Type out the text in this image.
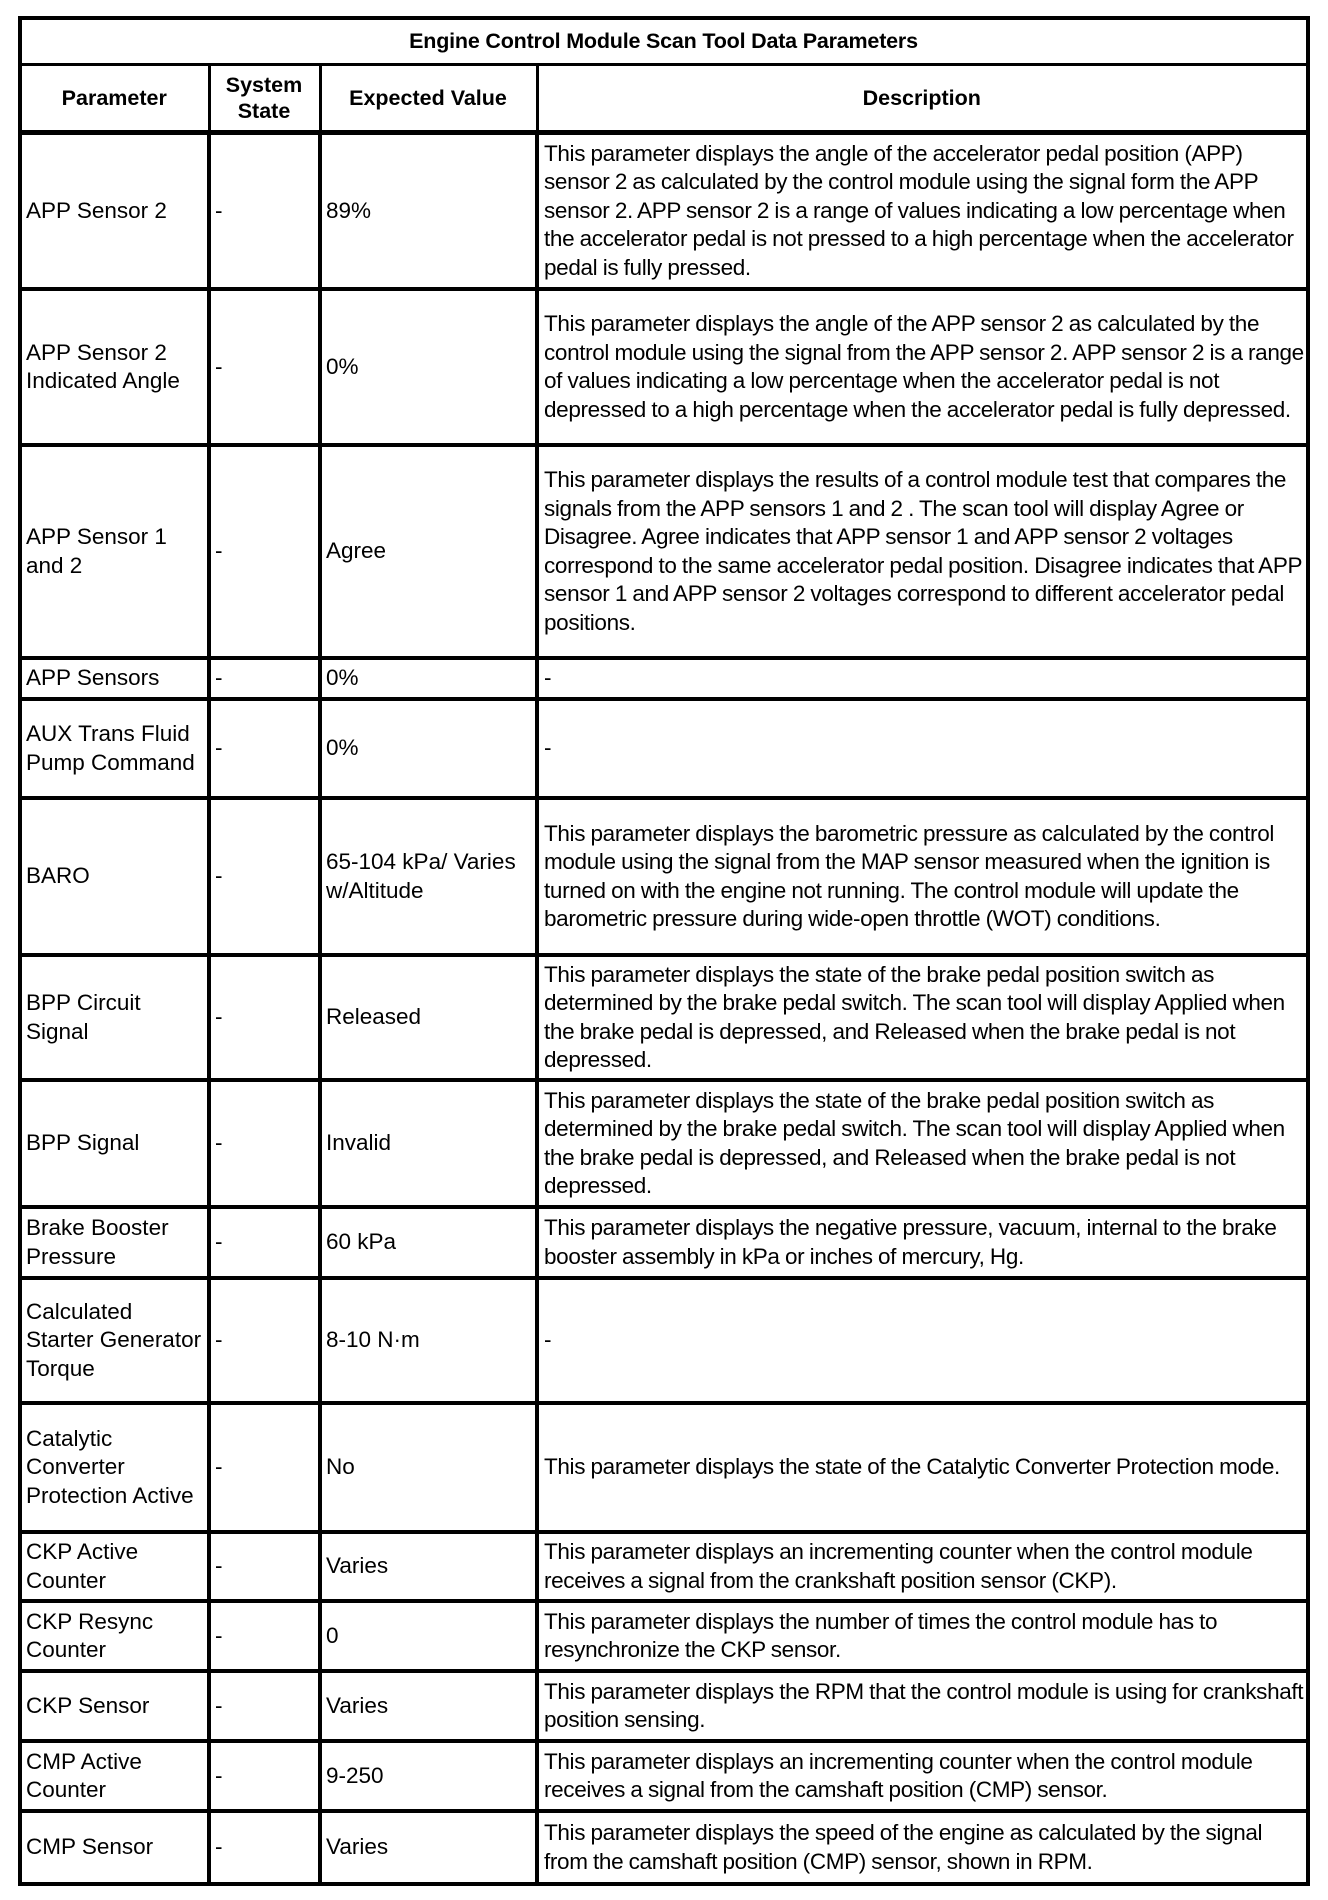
Engine Control Module Scan Tool Data Parameters			
Parameter	System State	Expected Value	Description
APP Sensor 2	-	89%	This parameter displays the angle of the accelerator pedal position (APP) sensor 2 as calculated by the control module using the signal form the APP sensor 2. APP sensor 2 is a range of values indicating a low percentage when the accelerator pedal is not pressed to a high percentage when the accelerator pedal is fully pressed.
APP Sensor 2 Indicated Angle	-	0%	This parameter displays the angle of the APP sensor 2 as calculated by the control module using the signal from the APP sensor 2. APP sensor 2 is a range of values indicating a low percentage when the accelerator pedal is not depressed to a high percentage when the accelerator pedal is fully depressed.
APP Sensor 1 and 2	-	Agree	This parameter displays the results of a control module test that compares the signals from the APP sensors 1 and 2 . The scan tool will display Agree or Disagree. Agree indicates that APP sensor 1 and APP sensor 2 voltages correspond to the same accelerator pedal position. Disagree indicates that APP sensor 1 and APP sensor 2 voltages correspond to different accelerator pedal positions.
APP Sensors	-	0%	-
AUX Trans Fluid Pump Command	-	0%	-
BARO	-	65-104 kPa/ Varies w/Altitude	This parameter displays the barometric pressure as calculated by the control module using the signal from the MAP sensor measured when the ignition is turned on with the engine not running. The control module will update the barometric pressure during wide-open throttle (WOT) conditions.
BPP Circuit Signal	-	Released	This parameter displays the state of the brake pedal position switch as determined by the brake pedal switch. The scan tool will display Applied when the brake pedal is depressed, and Released when the brake pedal is not depressed.
BPP Signal	-	Invalid	This parameter displays the state of the brake pedal position switch as determined by the brake pedal switch. The scan tool will display Applied when the brake pedal is depressed, and Released when the brake pedal is not depressed.
Brake Booster Pressure	-	60 kPa	This parameter displays the negative pressure, vacuum, internal to the brake booster assembly in kPa or inches of mercury, Hg.
Calculated Starter Generator Torque	-	8-10 N·m	-
Catalytic Converter Protection Active	-	No	This parameter displays the state of the Catalytic Converter Protection mode.
CKP Active Counter	-	Varies	This parameter displays an incrementing counter when the control module receives a signal from the crankshaft position sensor (CKP).
CKP Resync Counter	-	0	This parameter displays the number of times the control module has to resynchronize the CKP sensor.
CKP Sensor	-	Varies	This parameter displays the RPM that the control module is using for crankshaft position sensing.
CMP Active Counter	-	9-250	This parameter displays an incrementing counter when the control module receives a signal from the camshaft position (CMP) sensor.
CMP Sensor	-	Varies	This parameter displays the speed of the engine as calculated by the signal from the camshaft position (CMP) sensor, shown in RPM.
